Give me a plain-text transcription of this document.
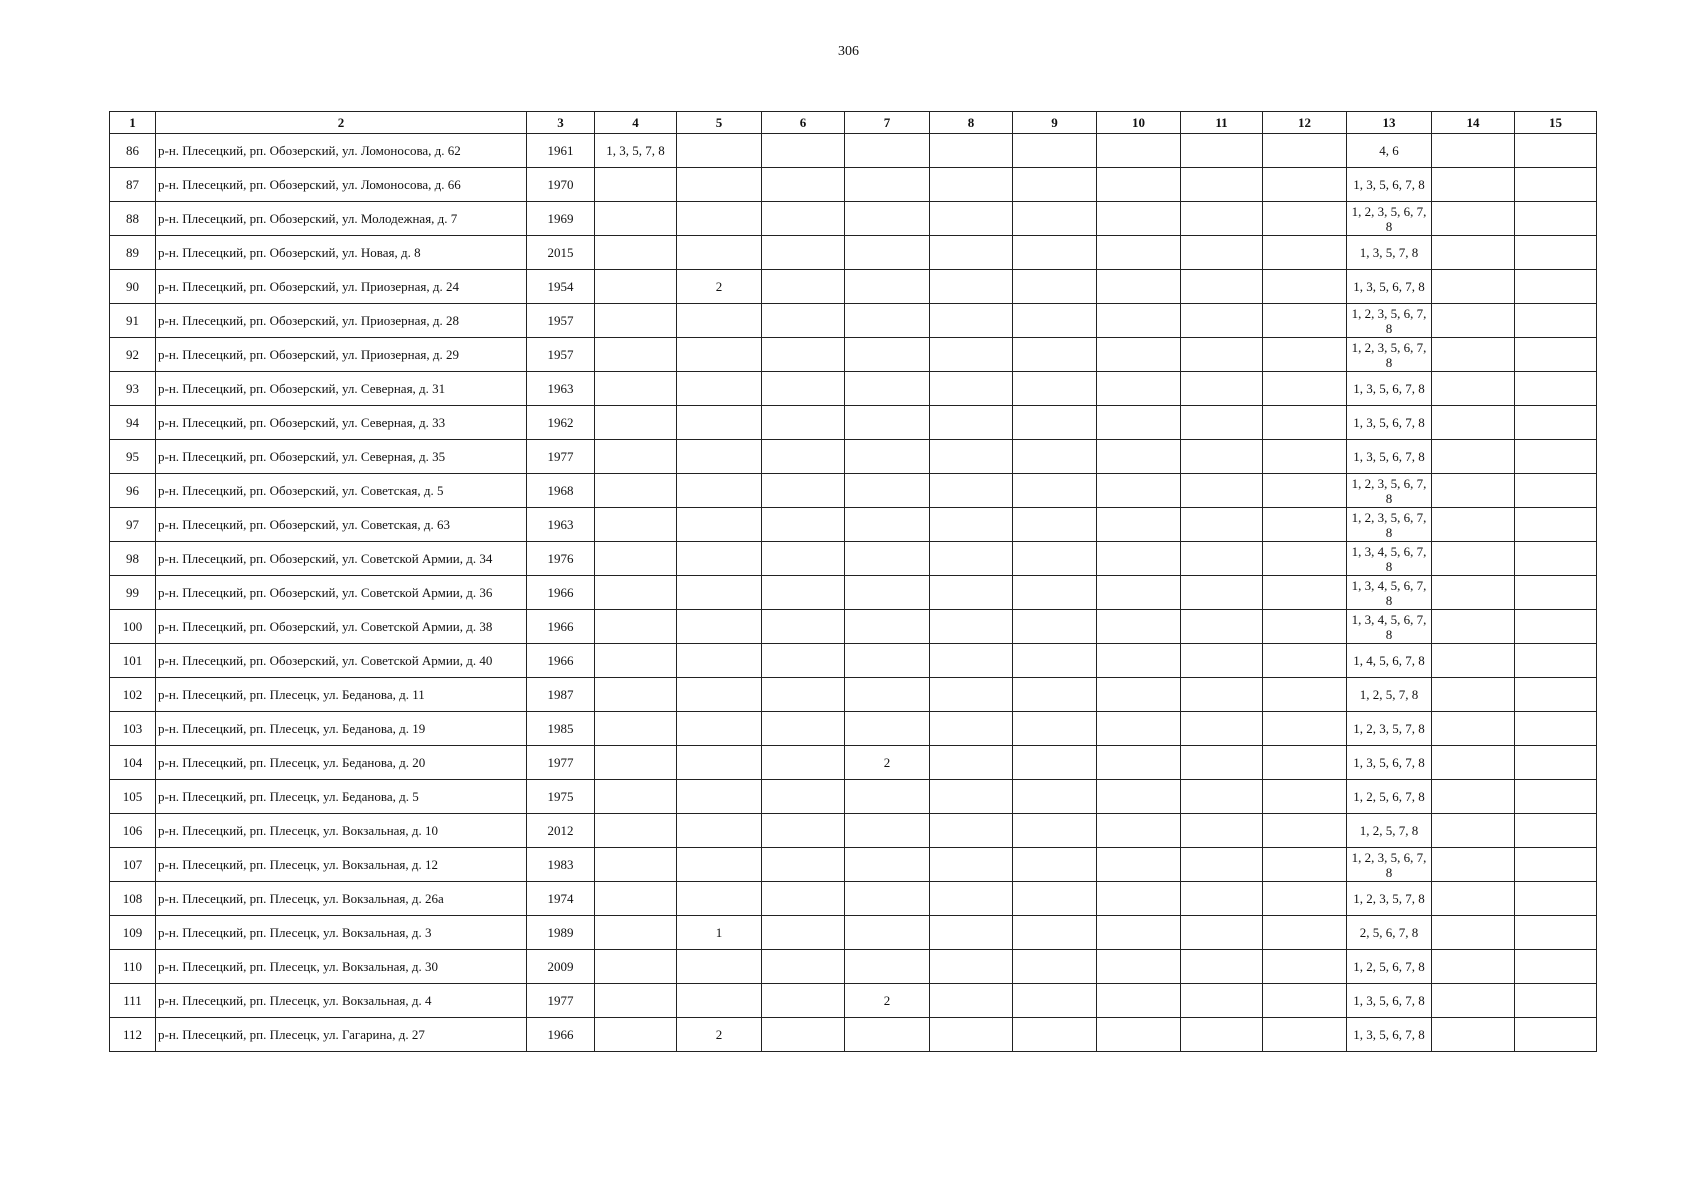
306
1	2	3	4	5	6	7	8	9	10	11	12	13	14	15
86	р-н. Плесецкий, рп. Обозерский, ул. Ломоносова, д. 62	1961	1, 3, 5, 7, 8									4, 6		
87	р-н. Плесецкий, рп. Обозерский, ул. Ломоносова, д. 66	1970										1, 3, 5, 6, 7, 8		
88	р-н. Плесецкий, рп. Обозерский, ул. Молодежная, д. 7	1969										1, 2, 3, 5, 6, 7, 8		
89	р-н. Плесецкий, рп. Обозерский, ул. Новая, д. 8	2015										1, 3, 5, 7, 8		
90	р-н. Плесецкий, рп. Обозерский, ул. Приозерная, д. 24	1954		2								1, 3, 5, 6, 7, 8		
91	р-н. Плесецкий, рп. Обозерский, ул. Приозерная, д. 28	1957										1, 2, 3, 5, 6, 7, 8		
92	р-н. Плесецкий, рп. Обозерский, ул. Приозерная, д. 29	1957										1, 2, 3, 5, 6, 7, 8		
93	р-н. Плесецкий, рп. Обозерский, ул. Северная, д. 31	1963										1, 3, 5, 6, 7, 8		
94	р-н. Плесецкий, рп. Обозерский, ул. Северная, д. 33	1962										1, 3, 5, 6, 7, 8		
95	р-н. Плесецкий, рп. Обозерский, ул. Северная, д. 35	1977										1, 3, 5, 6, 7, 8		
96	р-н. Плесецкий, рп. Обозерский, ул. Советская, д. 5	1968										1, 2, 3, 5, 6, 7, 8		
97	р-н. Плесецкий, рп. Обозерский, ул. Советская, д. 63	1963										1, 2, 3, 5, 6, 7, 8		
98	р-н. Плесецкий, рп. Обозерский, ул. Советской Армии, д. 34	1976										1, 3, 4, 5, 6, 7, 8		
99	р-н. Плесецкий, рп. Обозерский, ул. Советской Армии, д. 36	1966										1, 3, 4, 5, 6, 7, 8		
100	р-н. Плесецкий, рп. Обозерский, ул. Советской Армии, д. 38	1966										1, 3, 4, 5, 6, 7, 8		
101	р-н. Плесецкий, рп. Обозерский, ул. Советской Армии, д. 40	1966										1, 4, 5, 6, 7, 8		
102	р-н. Плесецкий, рп. Плесецк, ул. Беданова, д. 11	1987										1, 2, 5, 7, 8		
103	р-н. Плесецкий, рп. Плесецк, ул. Беданова, д. 19	1985										1, 2, 3, 5, 7, 8		
104	р-н. Плесецкий, рп. Плесецк, ул. Беданова, д. 20	1977				2						1, 3, 5, 6, 7, 8		
105	р-н. Плесецкий, рп. Плесецк, ул. Беданова, д. 5	1975										1, 2, 5, 6, 7, 8		
106	р-н. Плесецкий, рп. Плесецк, ул. Вокзальная, д. 10	2012										1, 2, 5, 7, 8		
107	р-н. Плесецкий, рп. Плесецк, ул. Вокзальная, д. 12	1983										1, 2, 3, 5, 6, 7, 8		
108	р-н. Плесецкий, рп. Плесецк, ул. Вокзальная, д. 26а	1974										1, 2, 3, 5, 7, 8		
109	р-н. Плесецкий, рп. Плесецк, ул. Вокзальная, д. 3	1989		1								2, 5, 6, 7, 8		
110	р-н. Плесецкий, рп. Плесецк, ул. Вокзальная, д. 30	2009										1, 2, 5, 6, 7, 8		
111	р-н. Плесецкий, рп. Плесецк, ул. Вокзальная, д. 4	1977				2						1, 3, 5, 6, 7, 8		
112	р-н. Плесецкий, рп. Плесецк, ул. Гагарина, д. 27	1966		2								1, 3, 5, 6, 7, 8		
